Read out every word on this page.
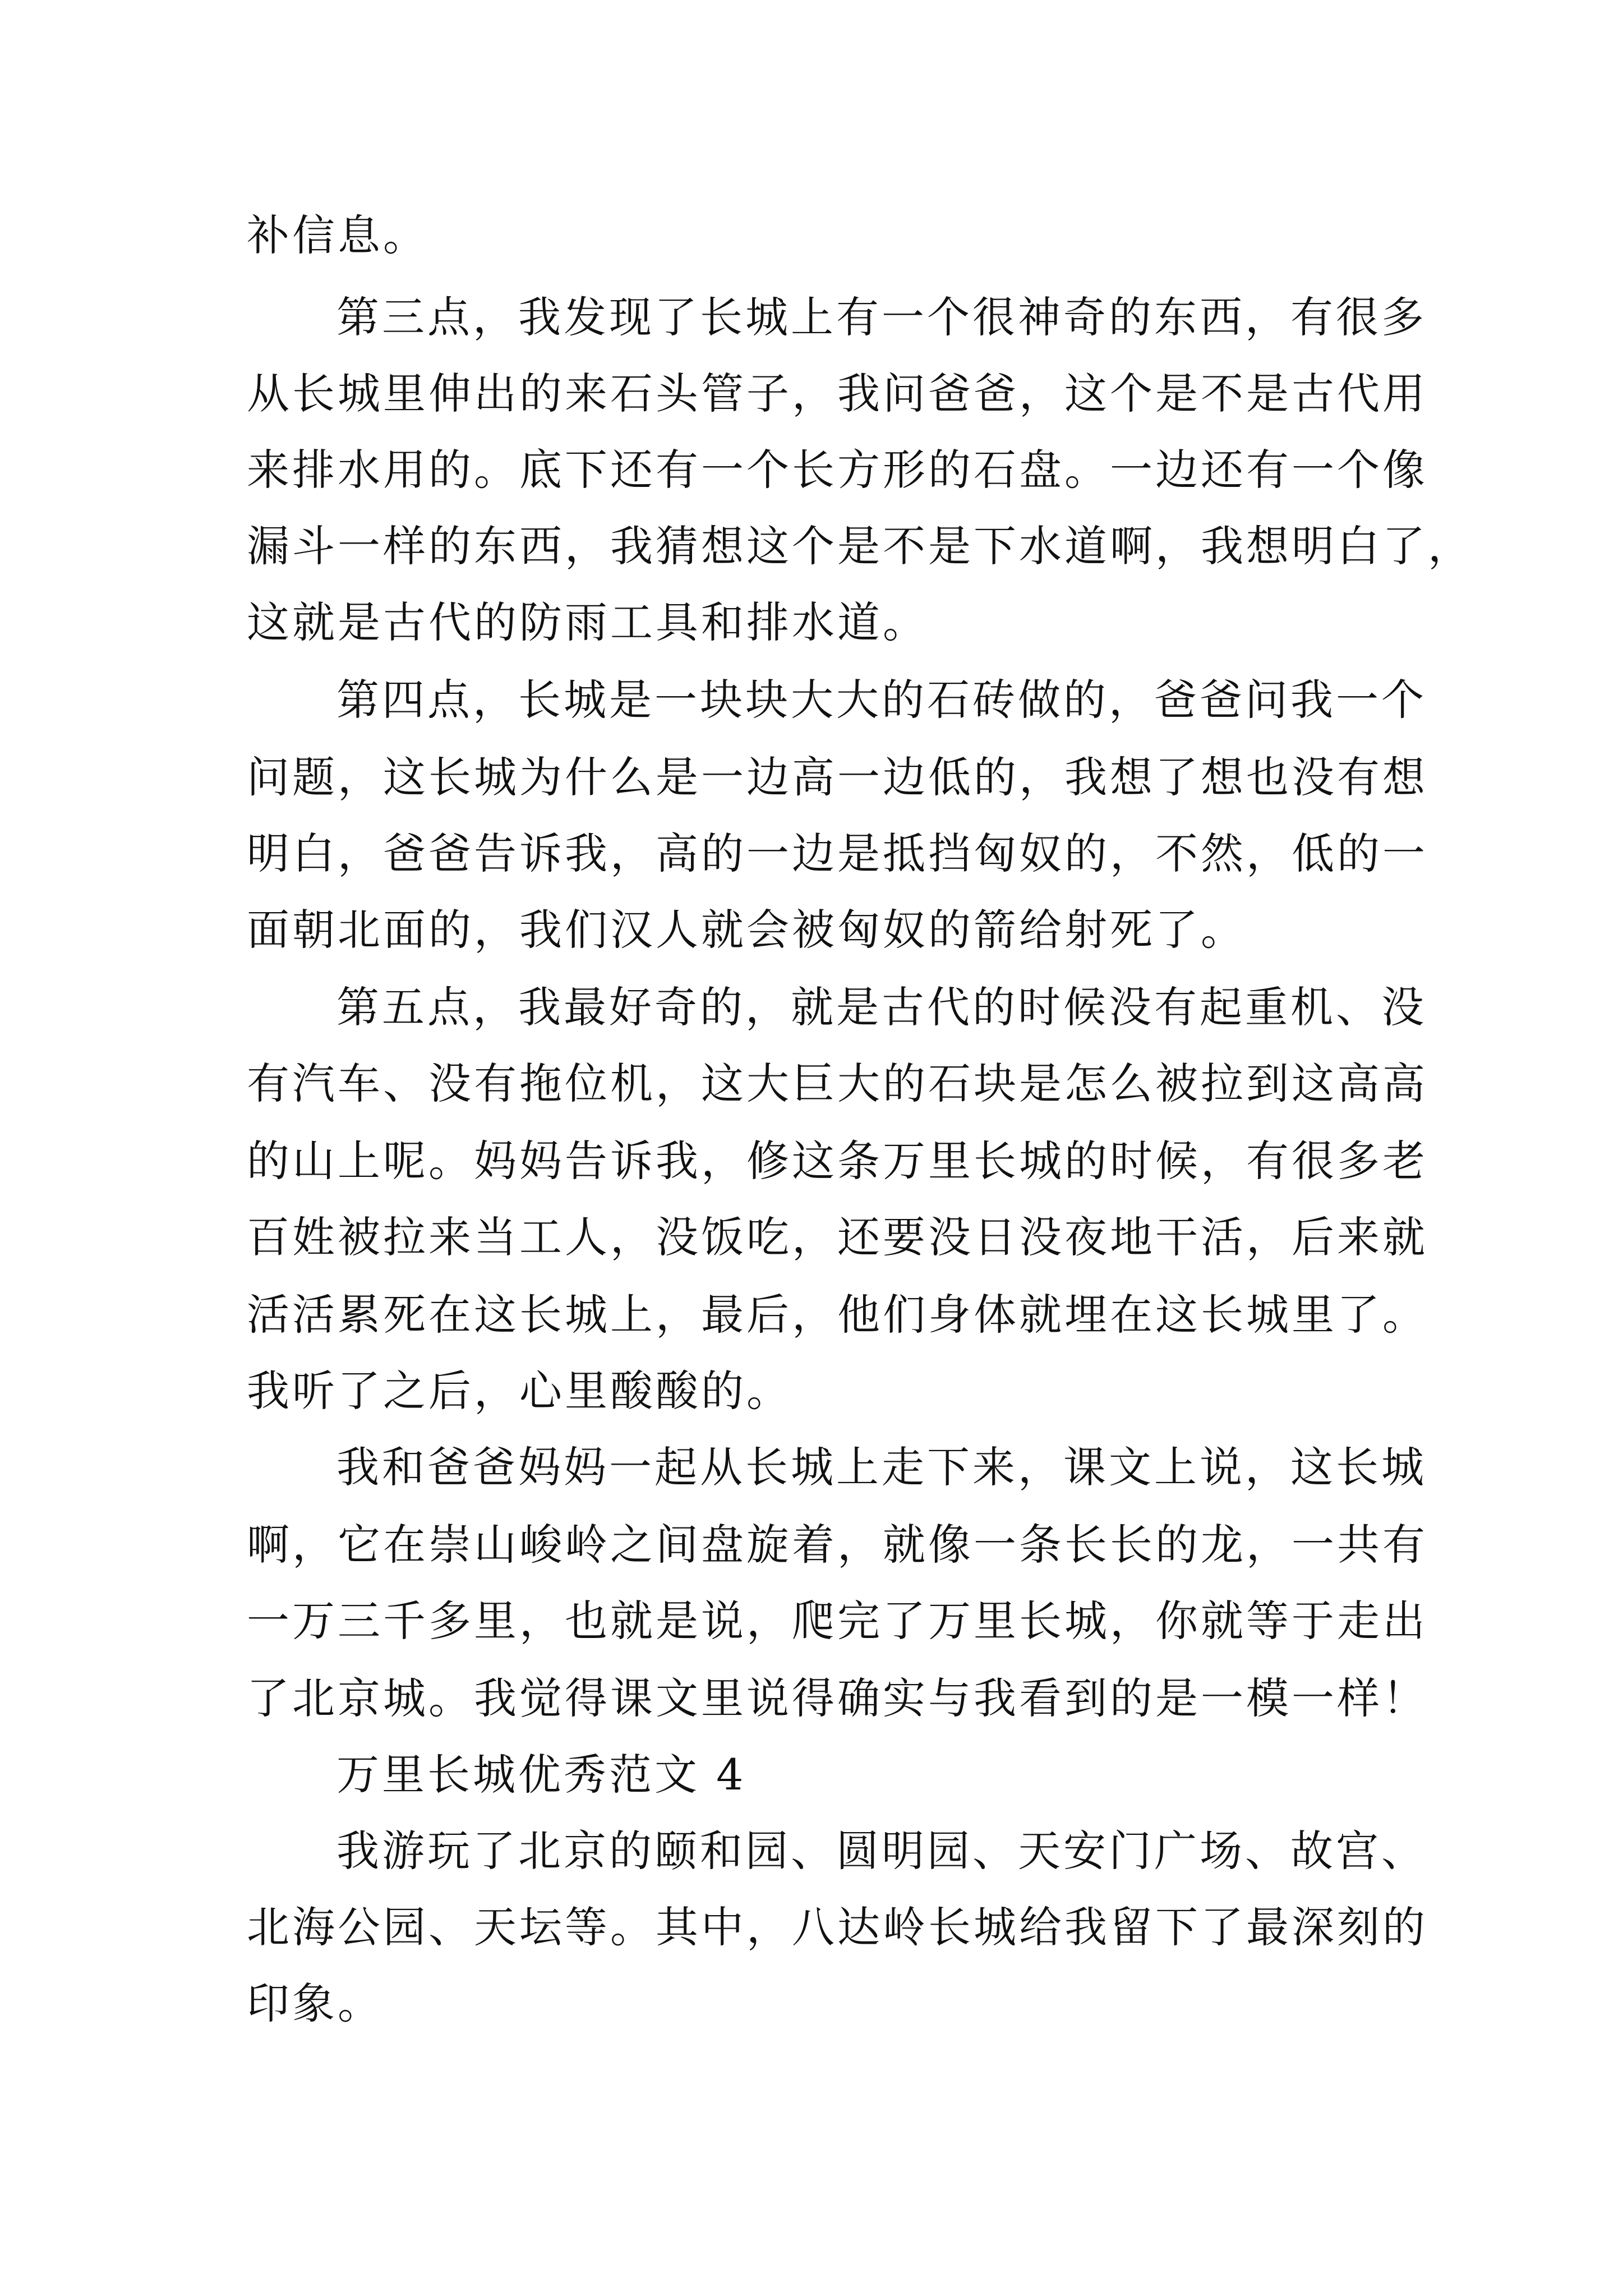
补信息。
第三点，我发现了长城上有一个很神奇的东西，有很多
从长城里伸出的来石头管子，我问爸爸，这个是不是古代用
来排水用的。底下还有一个长方形的石盘。一边还有一个像
漏斗一样的东西，我猜想这个是不是下水道啊，我想明白了，
这就是古代的防雨工具和排水道。
第四点，长城是一块块大大的石砖做的，爸爸问我一个
问题，这长城为什么是一边高一边低的，我想了想也没有想
明白，爸爸告诉我，高的一边是抵挡匈奴的，不然，低的一
面朝北面的，我们汉人就会被匈奴的箭给射死了。
第五点，我最好奇的，就是古代的时候没有起重机、没
有汽车、没有拖位机，这大巨大的石块是怎么被拉到这高高
的山上呢。妈妈告诉我，修这条万里长城的时候，有很多老
百姓被拉来当工人，没饭吃，还要没日没夜地干活，后来就
活活累死在这长城上，最后，他们身体就埋在这长城里了。
我听了之后，心里酸酸的。
我和爸爸妈妈一起从长城上走下来，课文上说，这长城
啊，它在崇山峻岭之间盘旋着，就像一条长长的龙，一共有
一万三千多里，也就是说，爬完了万里长城，你就等于走出
了北京城。我觉得课文里说得确实与我看到的是一模一样！
万里长城优秀范文 4
我游玩了北京的颐和园、圆明园、天安门广场、故宫、
北海公园、天坛等。其中，八达岭长城给我留下了最深刻的
印象。
